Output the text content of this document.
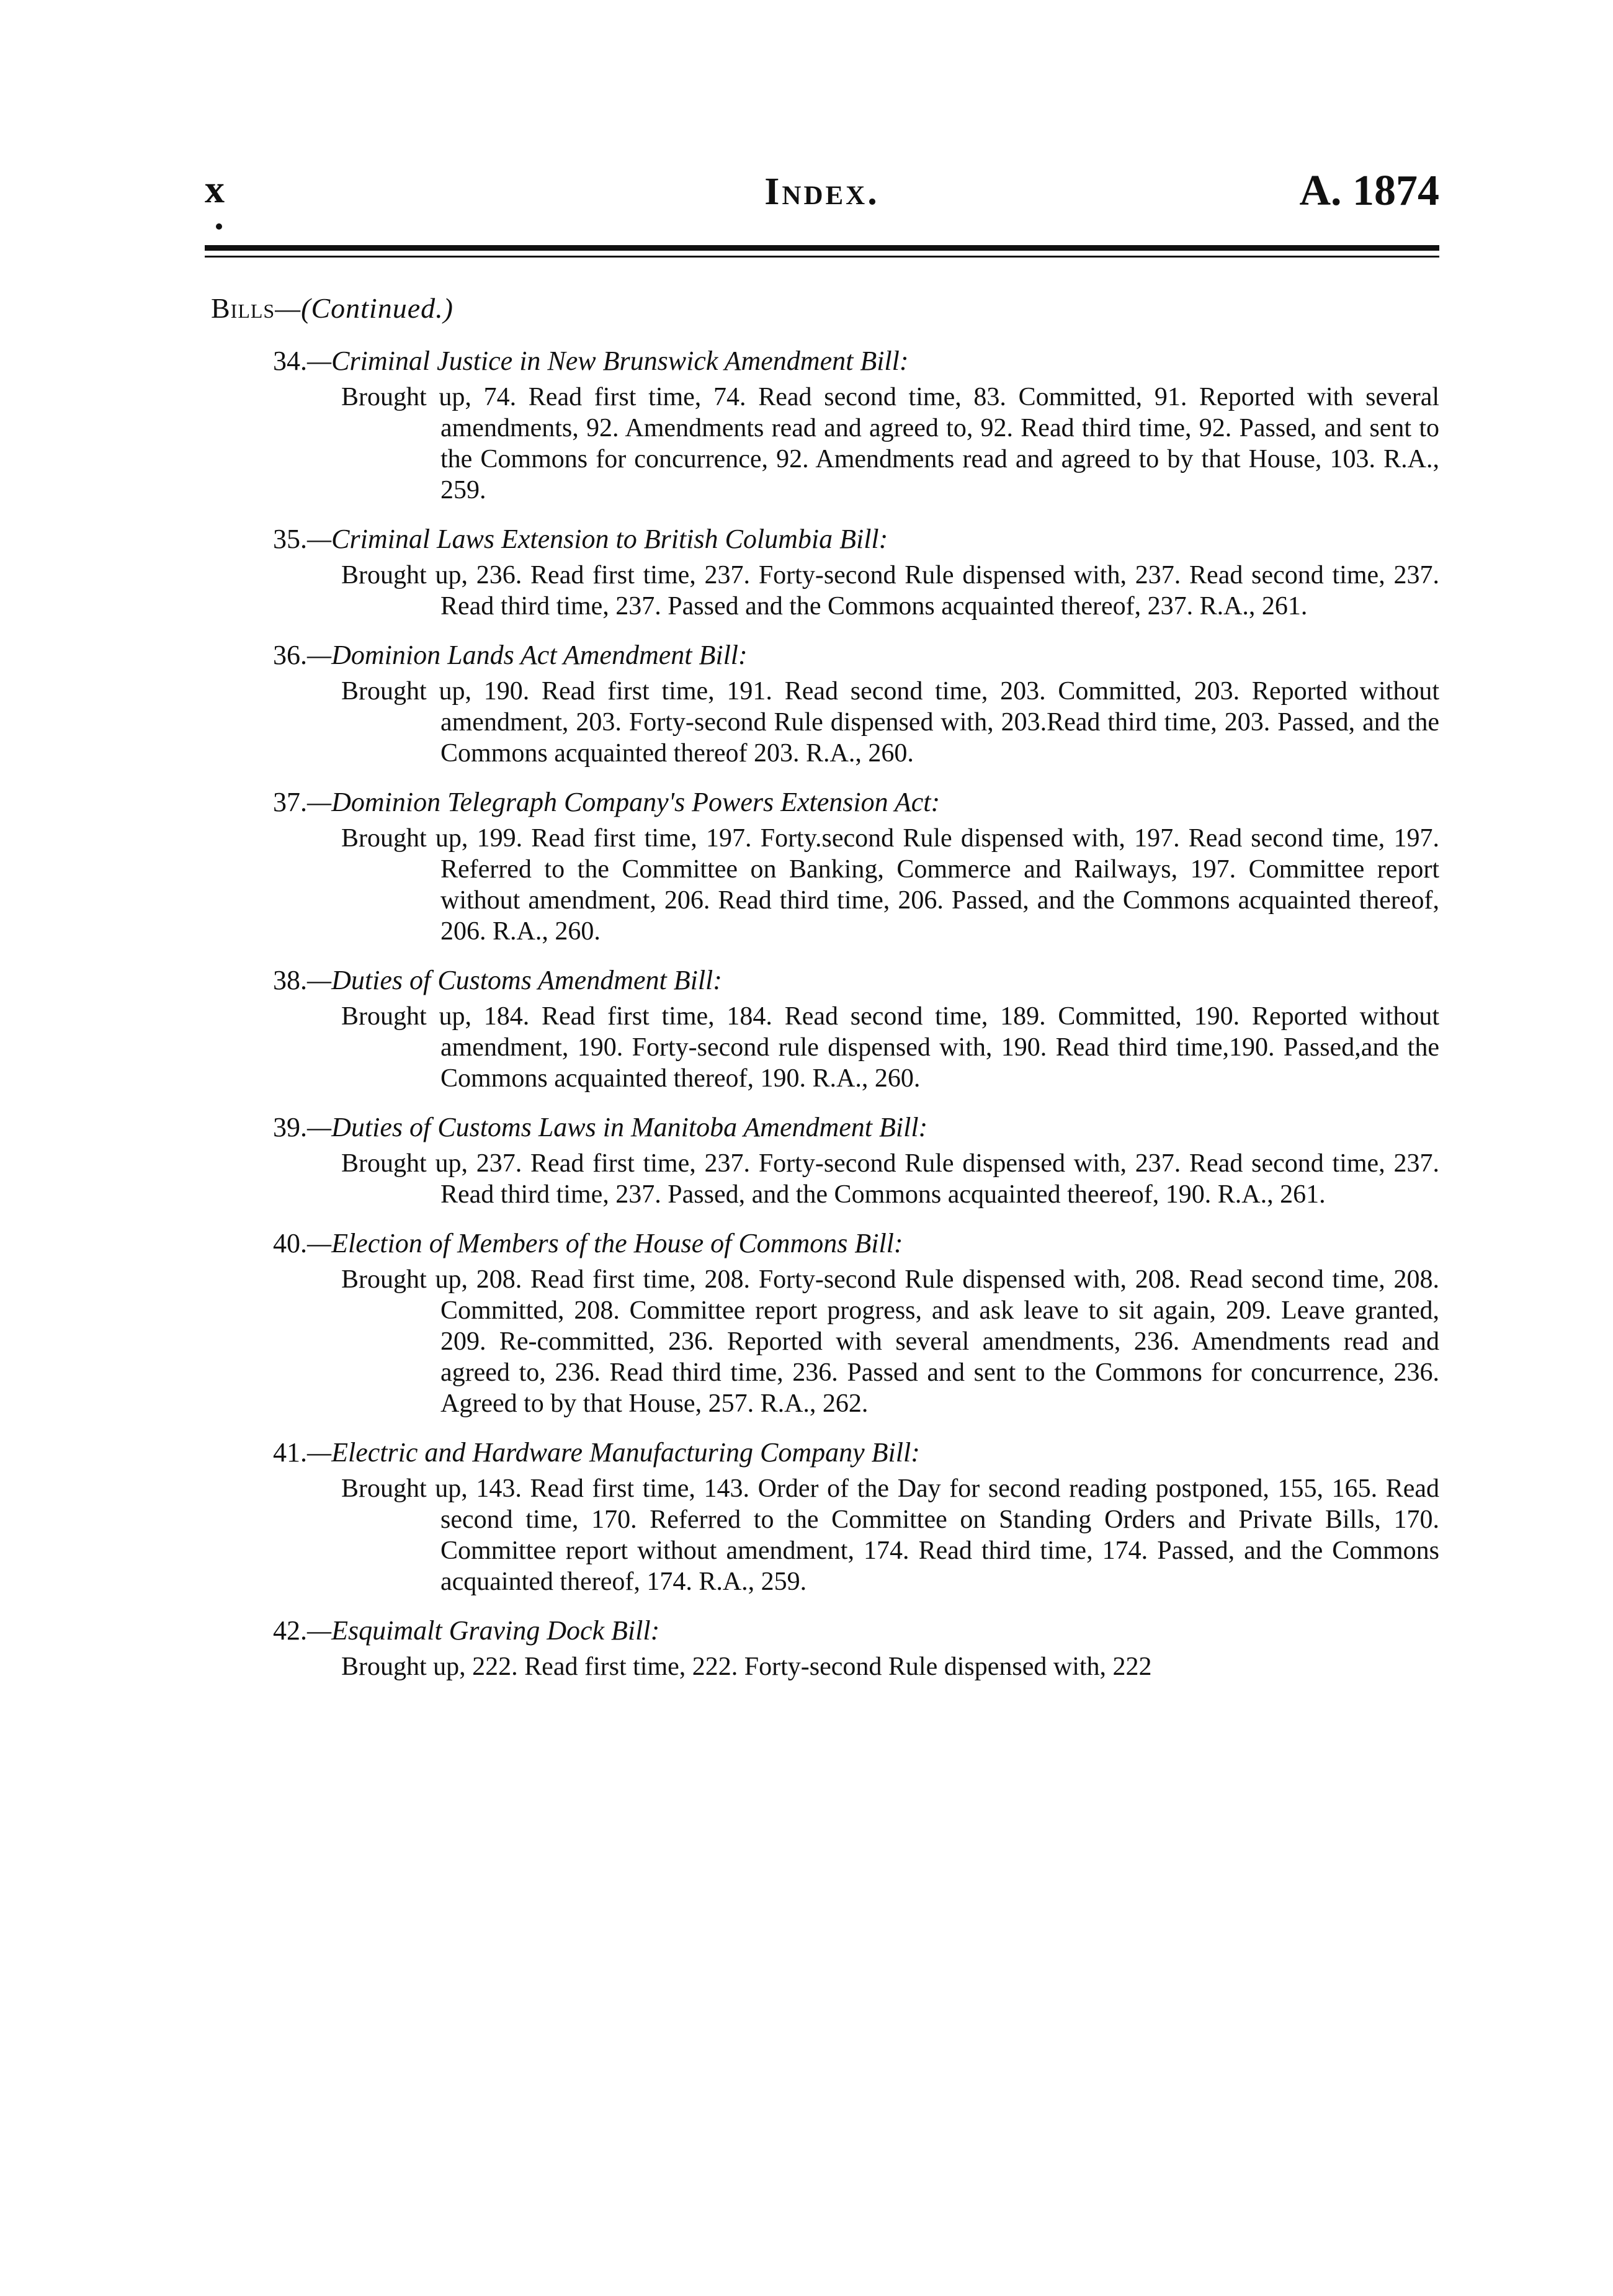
x	Index.	A. 1874
Bills—(Continued.)
34.—Criminal Justice in New Brunswick Amendment Bill:
Brought up, 74. Read first time, 74. Read second time, 83. Committed, 91. Reported with several amendments, 92. Amendments read and agreed to, 92. Read third time, 92. Passed, and sent to the Commons for concurrence, 92. Amendments read and agreed to by that House, 103. R.A., 259.
35.—Criminal Laws Extension to British Columbia Bill:
Brought up, 236. Read first time, 237. Forty-second Rule dispensed with, 237. Read second time, 237. Read third time, 237. Passed and the Commons acquainted thereof, 237. R.A., 261.
36.—Dominion Lands Act Amendment Bill:
Brought up, 190. Read first time, 191. Read second time, 203. Committed, 203. Reported without amendment, 203. Forty-second Rule dispensed with, 203.Read third time, 203. Passed, and the Commons acquainted thereof 203. R.A., 260.
37.—Dominion Telegraph Company's Powers Extension Act:
Brought up, 199. Read first time, 197. Forty.second Rule dispensed with, 197. Read second time, 197. Referred to the Committee on Banking, Commerce and Railways, 197. Committee report without amendment, 206. Read third time, 206. Passed, and the Commons acquainted thereof, 206. R.A., 260.
38.—Duties of Customs Amendment Bill:
Brought up, 184. Read first time, 184. Read second time, 189. Committed, 190. Reported without amendment, 190. Forty-second rule dispensed with, 190. Read third time,190. Passed,and the Commons acquainted thereof, 190. R.A., 260.
39.—Duties of Customs Laws in Manitoba Amendment Bill:
Brought up, 237. Read first time, 237. Forty-second Rule dispensed with, 237. Read second time, 237. Read third time, 237. Passed, and the Commons acquainted theereof, 190. R.A., 261.
40.—Election of Members of the House of Commons Bill:
Brought up, 208. Read first time, 208. Forty-second Rule dispensed with, 208. Read second time, 208. Committed, 208. Committee report progress, and ask leave to sit again, 209. Leave granted, 209. Re-committed, 236. Reported with several amendments, 236. Amendments read and agreed to, 236. Read third time, 236. Passed and sent to the Commons for concurrence, 236. Agreed to by that House, 257. R.A., 262.
41.—Electric and Hardware Manufacturing Company Bill:
Brought up, 143. Read first time, 143. Order of the Day for second reading postponed, 155, 165. Read second time, 170. Referred to the Committee on Standing Orders and Private Bills, 170. Committee report without amendment, 174. Read third time, 174. Passed, and the Commons acquainted thereof, 174. R.A., 259.
42.—Esquimalt Graving Dock Bill:
Brought up, 222. Read first time, 222. Forty-second Rule dispensed with, 222
